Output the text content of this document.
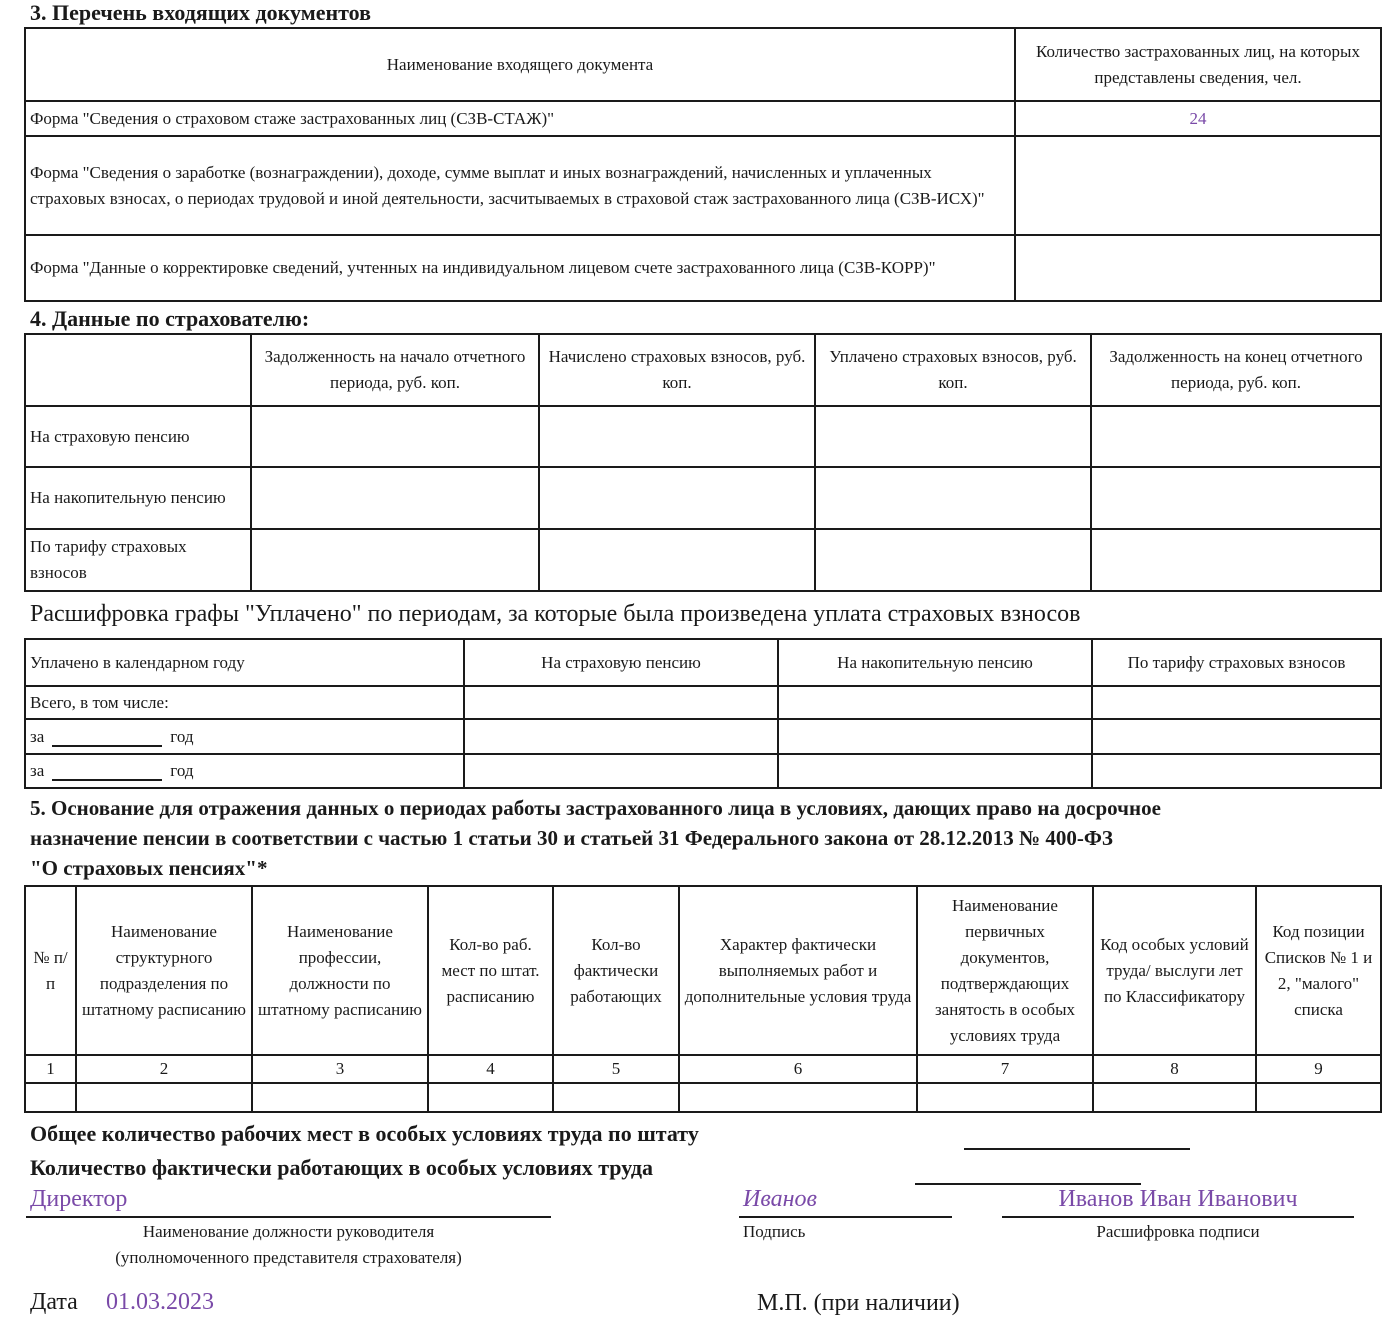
3. Перечень входящих документов
Наименование входящего документа	Количество застрахованных лиц, на которых представлены сведения, чел.
Форма "Сведения о страховом стаже застрахованных лиц (СЗВ-СТАЖ)"	24
Форма "Сведения о заработке (вознаграждении), доходе, сумме выплат и иных вознаграждений, начисленных и уплаченных страховых взносах, о периодах трудовой и иной деятельности, засчитываемых в страховой стаж застрахованного лица (СЗВ-ИСХ)"	
Форма "Данные о корректировке сведений, учтенных на индивидуальном лицевом счете застрахованного лица (СЗВ-КОРР)"	
4. Данные по страхователю:
	Задолженность на начало отчетного периода, руб. коп.	Начислено страховых взносов, руб. коп.	Уплачено страховых взносов, руб. коп.	Задолженность на конец отчетного периода, руб. коп.
На страховую пенсию				
На накопительную пенсию				
По тарифу страховых взносов				
Расшифровка графы "Уплачено" по периодам, за которые была произведена уплата страховых взносов
Уплачено в календарном году	На страховую пенсию	На накопительную пенсию	По тарифу страховых взносов
Всего, в том числе:			
за год			
за год			
5. Основание для отражения данных о периодах работы застрахованного лица в условиях, дающих право на досрочное
назначение пенсии в соответствии с частью 1 статьи 30 и статьей 31 Федерального закона от 28.12.2013 № 400-ФЗ
"О страховых пенсиях"*
№ п/п	Наименование структурного подразделения по штатному расписанию	Наименование профессии, должности по штатному расписанию	Кол-во раб. мест по штат. расписанию	Кол-во фактически работающих	Характер фактически выполняемых работ и дополнительные условия труда	Наименование первичных документов, подтверждающих занятость в особых условиях труда	Код особых условий труда/ выслуги лет по Классификатору	Код позиции Списков № 1 и 2, "малого" списка
1	2	3	4	5	6	7	8	9

Общее количество рабочих мест в особых условиях труда по штату
Количество фактически работающих в особых условиях труда
Директор
Наименование должности руководителя
(уполномоченного представителя страхователя)
Иванов
Подпись
Иванов Иван Иванович
Расшифровка подписи
Дата 01.03.2023	М.П. (при наличии)
